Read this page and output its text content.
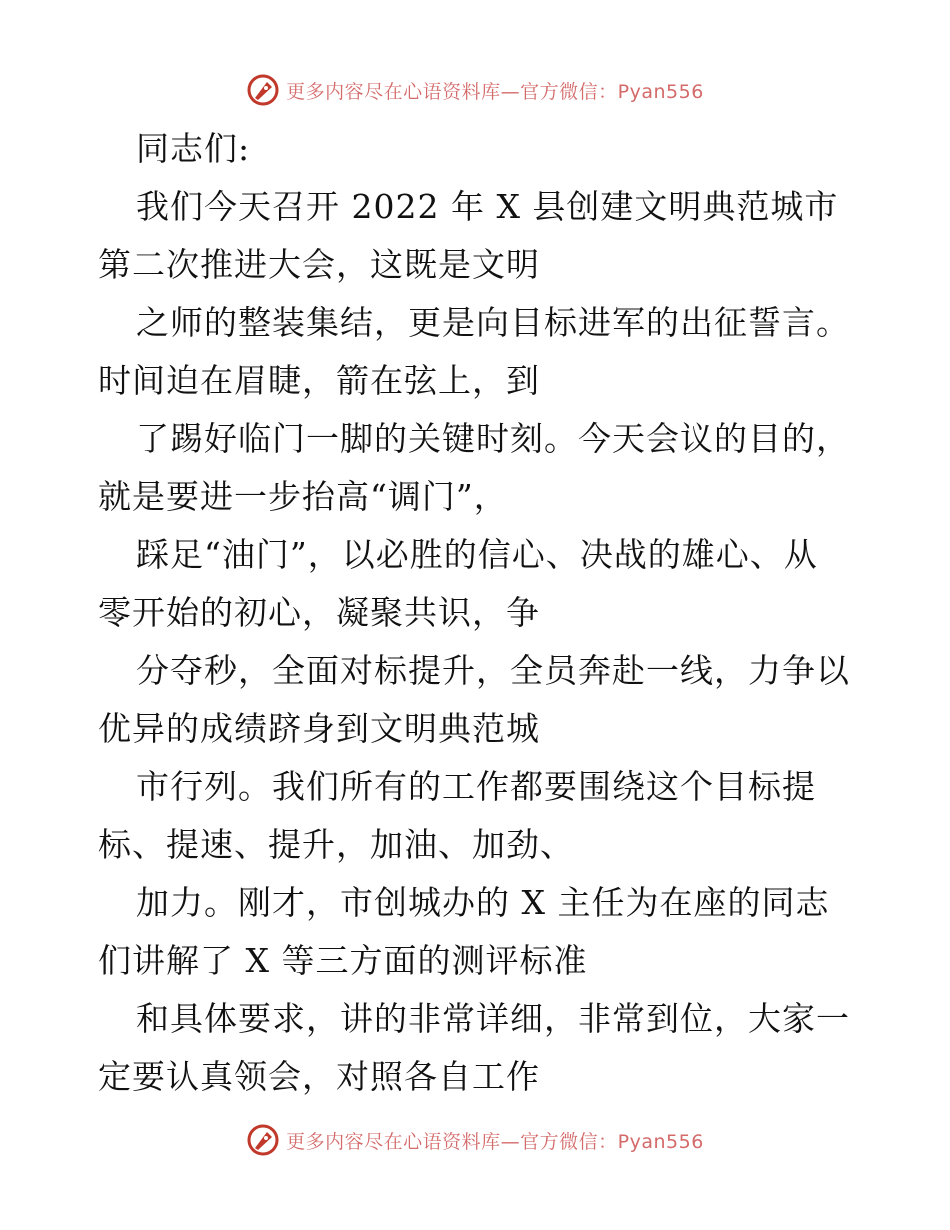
更多内容尽在心语资料库—官方微信：Pyan556
同志们:
我们今天召开 2022 年 X 县创建文明典范城市
第二次推进大会，这既是文明
之师的整装集结，更是向目标进军的出征誓言。
时间迫在眉睫，箭在弦上，到
了踢好临门一脚的关键时刻。今天会议的目的，
就是要进一步抬高“调门”，
踩足“油门”，以必胜的信心、决战的雄心、从
零开始的初心，凝聚共识，争
分夺秒，全面对标提升，全员奔赴一线，力争以
优异的成绩跻身到文明典范城
市行列。我们所有的工作都要围绕这个目标提
标、提速、提升，加油、加劲、
加力。刚才，市创城办的 X 主任为在座的同志
们讲解了 X 等三方面的测评标准
和具体要求，讲的非常详细，非常到位，大家一
定要认真领会，对照各自工作
更多内容尽在心语资料库—官方微信：Pyan556
